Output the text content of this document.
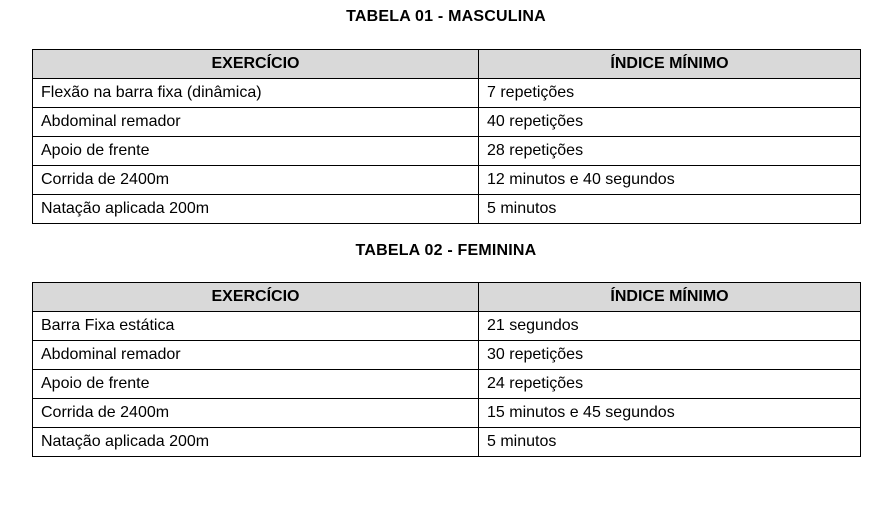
TABELA 01 - MASCULINA
EXERCÍCIO	ÍNDICE MÍNIMO
Flexão na barra fixa (dinâmica)	7 repetições
Abdominal remador	40 repetições
Apoio de frente	28 repetições
Corrida de 2400m	12 minutos e 40 segundos
Natação aplicada 200m	5 minutos
TABELA 02 - FEMININA
EXERCÍCIO	ÍNDICE MÍNIMO
Barra Fixa estática	21 segundos
Abdominal remador	30 repetições
Apoio de frente	24 repetições
Corrida de 2400m	15 minutos e 45 segundos
Natação aplicada 200m	5 minutos
